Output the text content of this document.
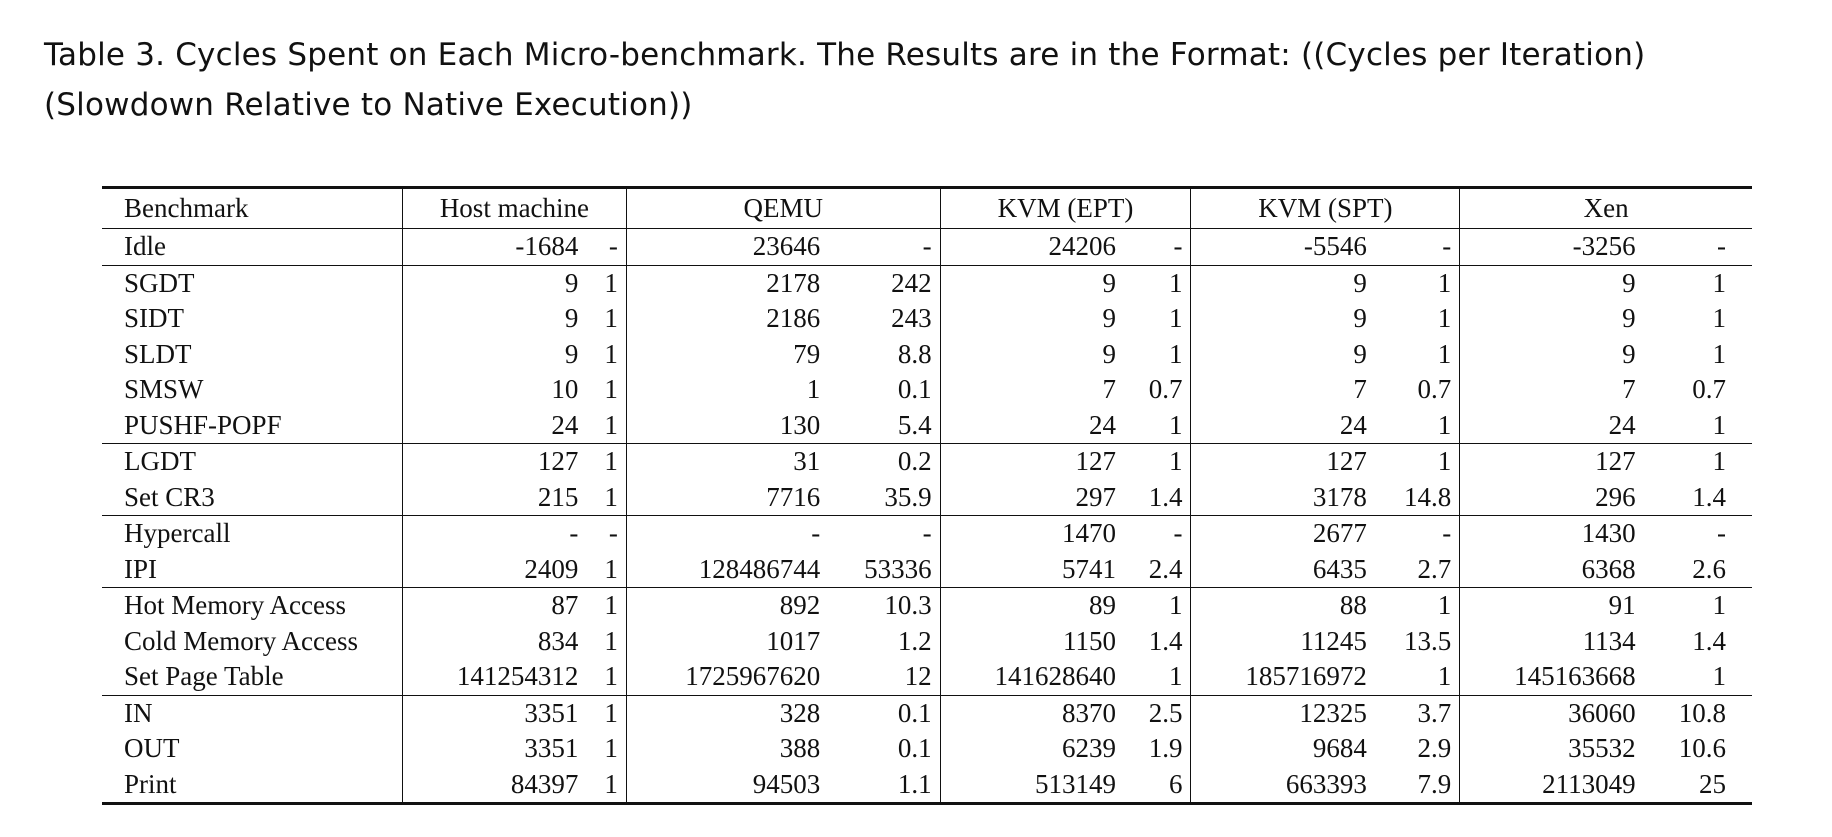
Table 3. Cycles Spent on Each Micro-benchmark. The Results are in the Format: ((Cycles per Iteration) (Slowdown Relative to Native Execution))
Benchmark	Host machine		QEMU		KVM (EPT)		KVM (SPT)		Xen	
Idle	-1684	-	23646	-	24206	-	-5546	-	-3256	-
SGDT	9	1	2178	242	9	1	9	1	9	1
SIDT	9	1	2186	243	9	1	9	1	9	1
SLDT	9	1	79	8.8	9	1	9	1	9	1
SMSW	10	1	1	0.1	7	0.7	7	0.7	7	0.7
PUSHF-POPF	24	1	130	5.4	24	1	24	1	24	1
LGDT	127	1	31	0.2	127	1	127	1	127	1
Set CR3	215	1	7716	35.9	297	1.4	3178	14.8	296	1.4
Hypercall	-	-	-	-	1470	-	2677	-	1430	-
IPI	2409	1	128486744	53336	5741	2.4	6435	2.7	6368	2.6
Hot Memory Access	87	1	892	10.3	89	1	88	1	91	1
Cold Memory Access	834	1	1017	1.2	1150	1.4	11245	13.5	1134	1.4
Set Page Table	141254312	1	1725967620	12	141628640	1	185716972	1	145163668	1
IN	3351	1	328	0.1	8370	2.5	12325	3.7	36060	10.8
OUT	3351	1	388	0.1	6239	1.9	9684	2.9	35532	10.6
Print	84397	1	94503	1.1	513149	6	663393	7.9	2113049	25
